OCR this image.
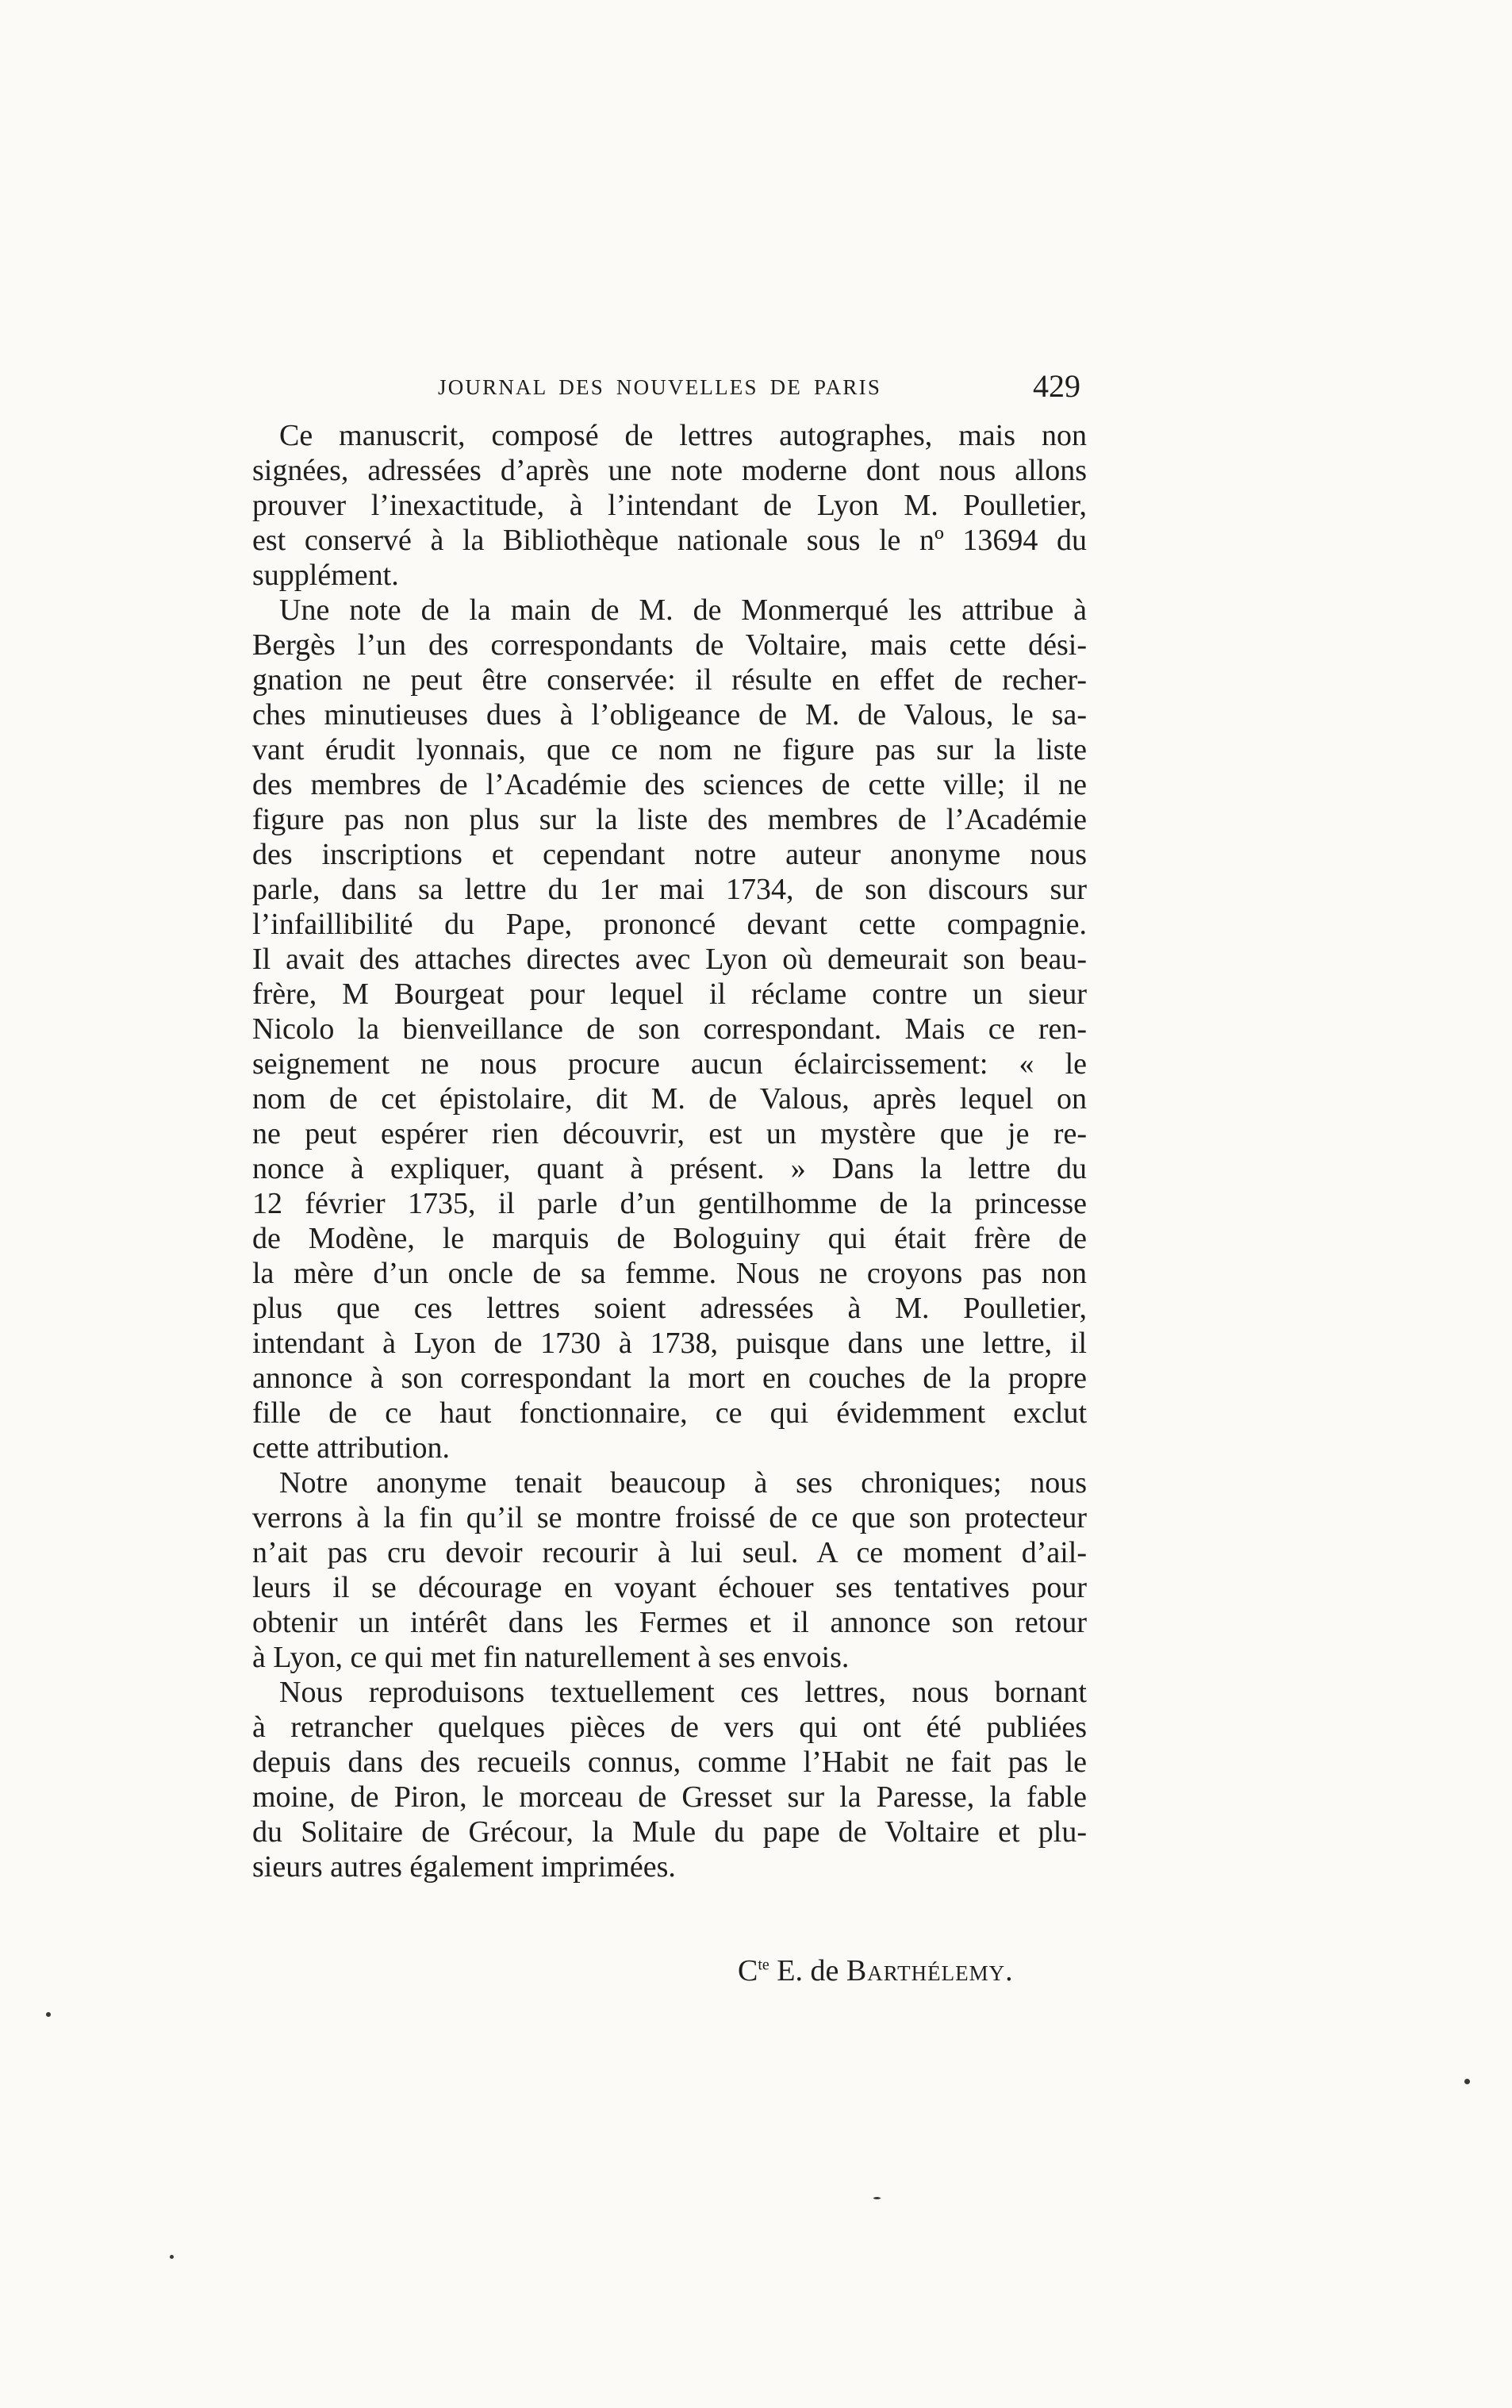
JOURNAL DES NOUVELLES DE PARIS	429
Ce manuscrit, composé de lettres autographes, mais non
signées, adressées d’après une note moderne dont nous allons
prouver l’inexactitude, à l’intendant de Lyon M. Poulletier,
est conservé à la Bibliothèque nationale sous le nº 13694 du
supplément.
Une note de la main de M. de Monmerqué les attribue à
Bergès l’un des correspondants de Voltaire, mais cette dési-
gnation ne peut être conservée: il résulte en effet de recher-
ches minutieuses dues à l’obligeance de M. de Valous, le sa-
vant érudit lyonnais, que ce nom ne figure pas sur la liste
des membres de l’Académie des sciences de cette ville; il ne
figure pas non plus sur la liste des membres de l’Académie
des inscriptions et cependant notre auteur anonyme nous
parle, dans sa lettre du 1er mai 1734, de son discours sur
l’infaillibilité du Pape, prononcé devant cette compagnie.
Il avait des attaches directes avec Lyon où demeurait son beau-
frère, M Bourgeat pour lequel il réclame contre un sieur
Nicolo la bienveillance de son correspondant. Mais ce ren-
seignement ne nous procure aucun éclaircissement: « le
nom de cet épistolaire, dit M. de Valous, après lequel on
ne peut espérer rien découvrir, est un mystère que je re-
nonce à expliquer, quant à présent. » Dans la lettre du
12 février 1735, il parle d’un gentilhomme de la princesse
de Modène, le marquis de Bologuiny qui était frère de
la mère d’un oncle de sa femme. Nous ne croyons pas non
plus que ces lettres soient adressées à M. Poulletier,
intendant à Lyon de 1730 à 1738, puisque dans une lettre, il
annonce à son correspondant la mort en couches de la propre
fille de ce haut fonctionnaire, ce qui évidemment exclut
cette attribution.
Notre anonyme tenait beaucoup à ses chroniques; nous
verrons à la fin qu’il se montre froissé de ce que son protecteur
n’ait pas cru devoir recourir à lui seul. A ce moment d’ail-
leurs il se décourage en voyant échouer ses tentatives pour
obtenir un intérêt dans les Fermes et il annonce son retour
à Lyon, ce qui met fin naturellement à ses envois.
Nous reproduisons textuellement ces lettres, nous bornant
à retrancher quelques pièces de vers qui ont été publiées
depuis dans des recueils connus, comme l’Habit ne fait pas le
moine, de Piron, le morceau de Gresset sur la Paresse, la fable
du Solitaire de Grécour, la Mule du pape de Voltaire et plu-
sieurs autres également imprimées.
$C^{te}$ E. de Barthélemy.
